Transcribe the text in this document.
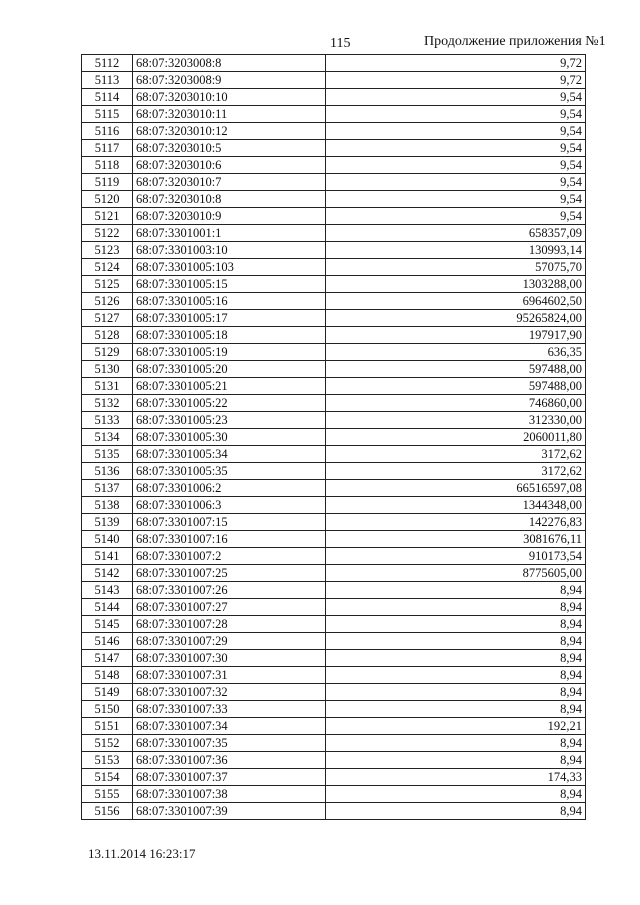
115	Продолжение приложения №1
5112	68:07:3203008:8	9,72
5113	68:07:3203008:9	9,72
5114	68:07:3203010:10	9,54
5115	68:07:3203010:11	9,54
5116	68:07:3203010:12	9,54
5117	68:07:3203010:5	9,54
5118	68:07:3203010:6	9,54
5119	68:07:3203010:7	9,54
5120	68:07:3203010:8	9,54
5121	68:07:3203010:9	9,54
5122	68:07:3301001:1	658357,09
5123	68:07:3301003:10	130993,14
5124	68:07:3301005:103	57075,70
5125	68:07:3301005:15	1303288,00
5126	68:07:3301005:16	6964602,50
5127	68:07:3301005:17	95265824,00
5128	68:07:3301005:18	197917,90
5129	68:07:3301005:19	636,35
5130	68:07:3301005:20	597488,00
5131	68:07:3301005:21	597488,00
5132	68:07:3301005:22	746860,00
5133	68:07:3301005:23	312330,00
5134	68:07:3301005:30	2060011,80
5135	68:07:3301005:34	3172,62
5136	68:07:3301005:35	3172,62
5137	68:07:3301006:2	66516597,08
5138	68:07:3301006:3	1344348,00
5139	68:07:3301007:15	142276,83
5140	68:07:3301007:16	3081676,11
5141	68:07:3301007:2	910173,54
5142	68:07:3301007:25	8775605,00
5143	68:07:3301007:26	8,94
5144	68:07:3301007:27	8,94
5145	68:07:3301007:28	8,94
5146	68:07:3301007:29	8,94
5147	68:07:3301007:30	8,94
5148	68:07:3301007:31	8,94
5149	68:07:3301007:32	8,94
5150	68:07:3301007:33	8,94
5151	68:07:3301007:34	192,21
5152	68:07:3301007:35	8,94
5153	68:07:3301007:36	8,94
5154	68:07:3301007:37	174,33
5155	68:07:3301007:38	8,94
5156	68:07:3301007:39	8,94
13.11.2014 16:23:17
